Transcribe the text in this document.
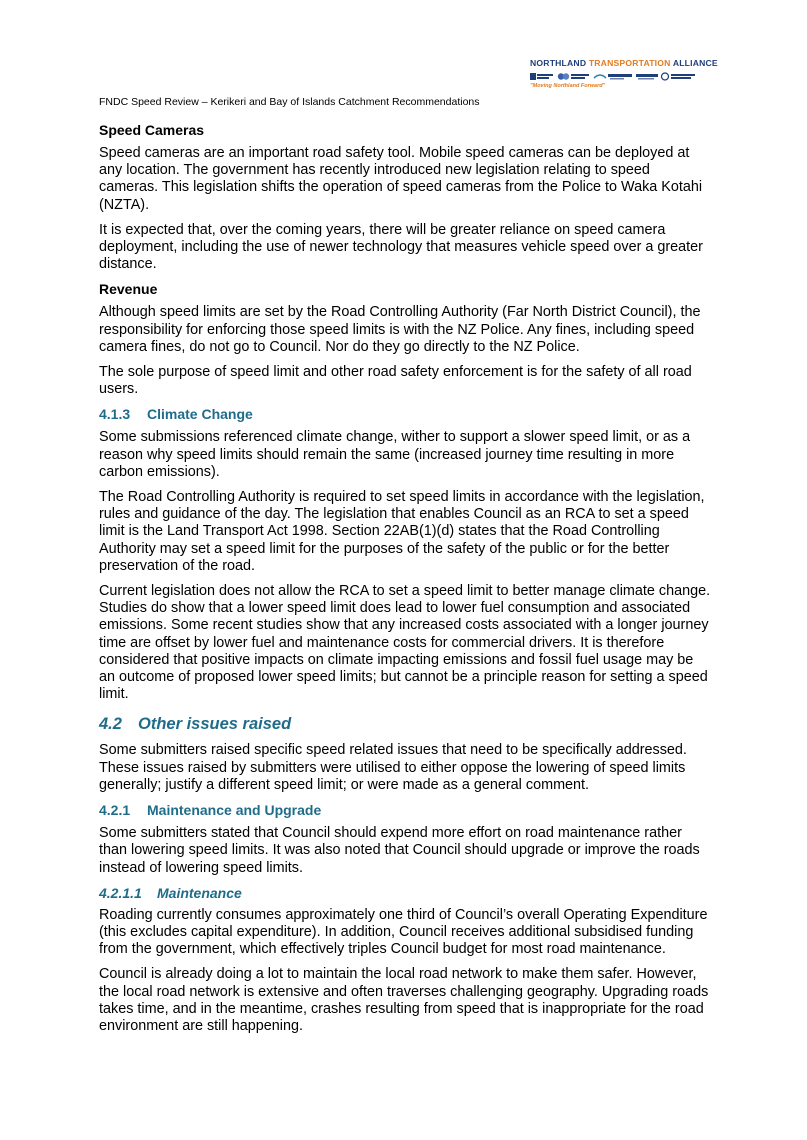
NORTHLAND TRANSPORTATION ALLIANCE
"Moving Northland Forward"
FNDC Speed Review – Kerikeri and Bay of Islands Catchment Recommendations
Speed Cameras

Speed cameras are an important road safety tool. Mobile speed cameras can be deployed at any location. The government has recently introduced new legislation relating to speed cameras. This legislation shifts the operation of speed cameras from the Police to Waka Kotahi (NZTA).

It is expected that, over the coming years, there will be greater reliance on speed camera deployment, including the use of newer technology that measures vehicle speed over a greater distance.

Revenue

Although speed limits are set by the Road Controlling Authority (Far North District Council), the responsibility for enforcing those speed limits is with the NZ Police. Any fines, including speed camera fines, do not go to Council. Nor do they go directly to the NZ Police.

The sole purpose of speed limit and other road safety enforcement is for the safety of all road users.

4.1.3 Climate Change

Some submissions referenced climate change, wither to support a slower speed limit, or as a reason why speed limits should remain the same (increased journey time resulting in more carbon emissions).

The Road Controlling Authority is required to set speed limits in accordance with the legislation, rules and guidance of the day. The legislation that enables Council as an RCA to set a speed limit is the Land Transport Act 1998. Section 22AB(1)(d) states that the Road Controlling Authority may set a speed limit for the purposes of the safety of the public or for the better preservation of the road.

Current legislation does not allow the RCA to set a speed limit to better manage climate change. Studies do show that a lower speed limit does lead to lower fuel consumption and associated emissions. Some recent studies show that any increased costs associated with a longer journey time are offset by lower fuel and maintenance costs for commercial drivers. It is therefore considered that positive impacts on climate impacting emissions and fossil fuel usage may be an outcome of proposed lower speed limits; but cannot be a principle reason for setting a speed limit.

4.2 Other issues raised

Some submitters raised specific speed related issues that need to be specifically addressed. These issues raised by submitters were utilised to either oppose the lowering of speed limits generally; justify a different speed limit; or were made as a general comment.

4.2.1 Maintenance and Upgrade

Some submitters stated that Council should expend more effort on road maintenance rather than lowering speed limits. It was also noted that Council should upgrade or improve the roads instead of lowering speed limits.

4.2.1.1 Maintenance

Roading currently consumes approximately one third of Council’s overall Operating Expenditure (this excludes capital expenditure). In addition, Council receives additional subsidised funding from the government, which effectively triples Council budget for most road maintenance.

Council is already doing a lot to maintain the local road network to make them safer. However, the local road network is extensive and often traverses challenging geography. Upgrading roads takes time, and in the meantime, crashes resulting from speed that is inappropriate for the road environment are still happening.
